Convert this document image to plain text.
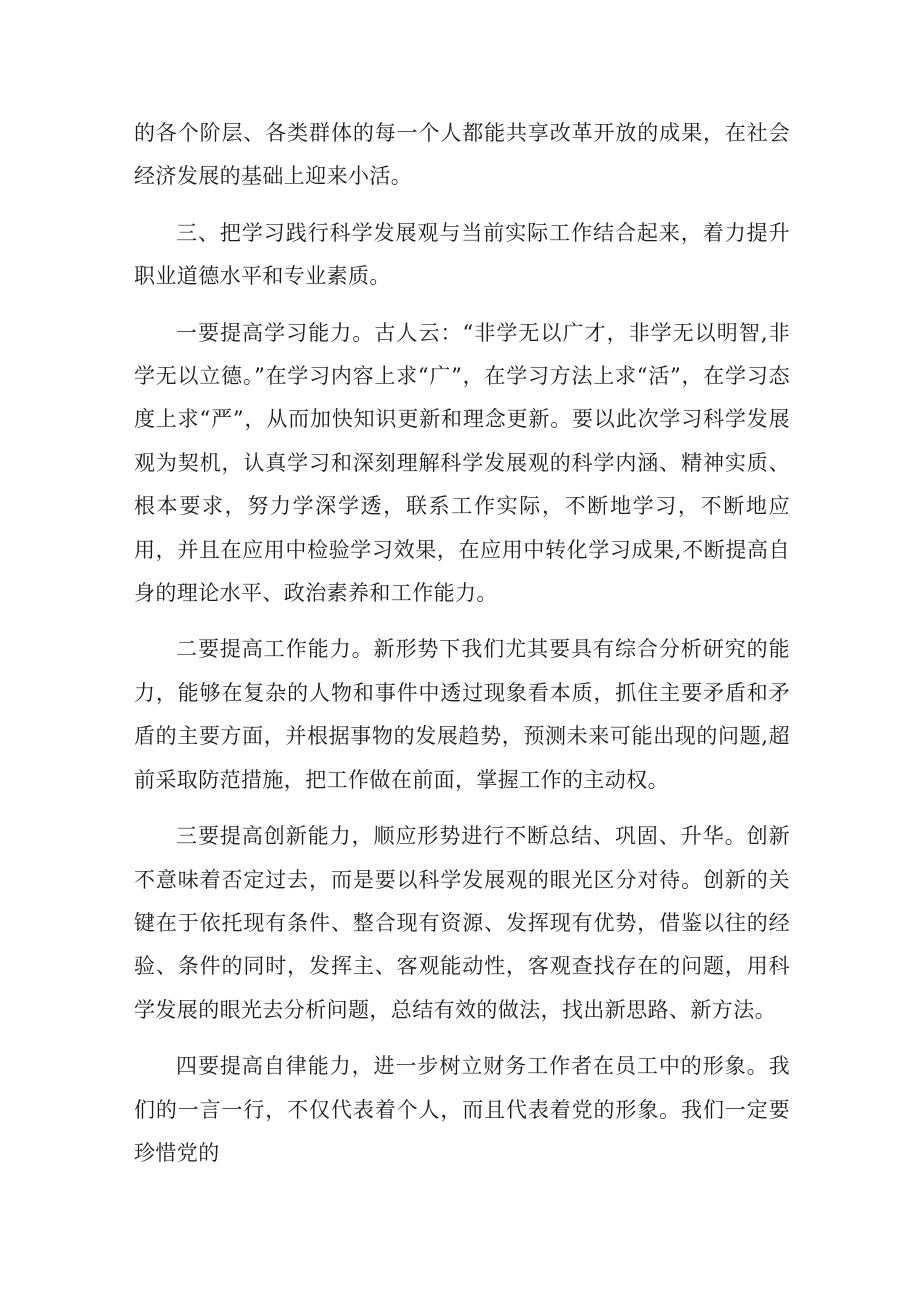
的各个阶层、各类群体的每一个人都能共享改革开放的成果，在社会经济发展的基础上迎来小活。

三、把学习践行科学发展观与当前实际工作结合起来，着力提升职业道德水平和专业素质。

一要提高学习能力。古人云：“非学无以广才，非学无以明智,非学无以立德。”在学习内容上求“广”，在学习方法上求“活”，在学习态度上求“严”，从而加快知识更新和理念更新。要以此次学习科学发展观为契机，认真学习和深刻理解科学发展观的科学内涵、精神实质、根本要求，努力学深学透，联系工作实际，不断地学习，不断地应用，并且在应用中检验学习效果，在应用中转化学习成果,不断提高自身的理论水平、政治素养和工作能力。

二要提高工作能力。新形势下我们尤其要具有综合分析研究的能力，能够在复杂的人物和事件中透过现象看本质，抓住主要矛盾和矛盾的主要方面，并根据事物的发展趋势，预测未来可能出现的问题,超前采取防范措施，把工作做在前面，掌握工作的主动权。

三要提高创新能力，顺应形势进行不断总结、巩固、升华。创新不意味着否定过去，而是要以科学发展观的眼光区分对待。创新的关键在于依托现有条件、整合现有资源、发挥现有优势，借鉴以往的经验、条件的同时，发挥主、客观能动性，客观查找存在的问题，用科学发展的眼光去分析问题，总结有效的做法，找出新思路、新方法。

四要提高自律能力，进一步树立财务工作者在员工中的形象。我们的一言一行，不仅代表着个人，而且代表着党的形象。我们一定要珍惜党的
